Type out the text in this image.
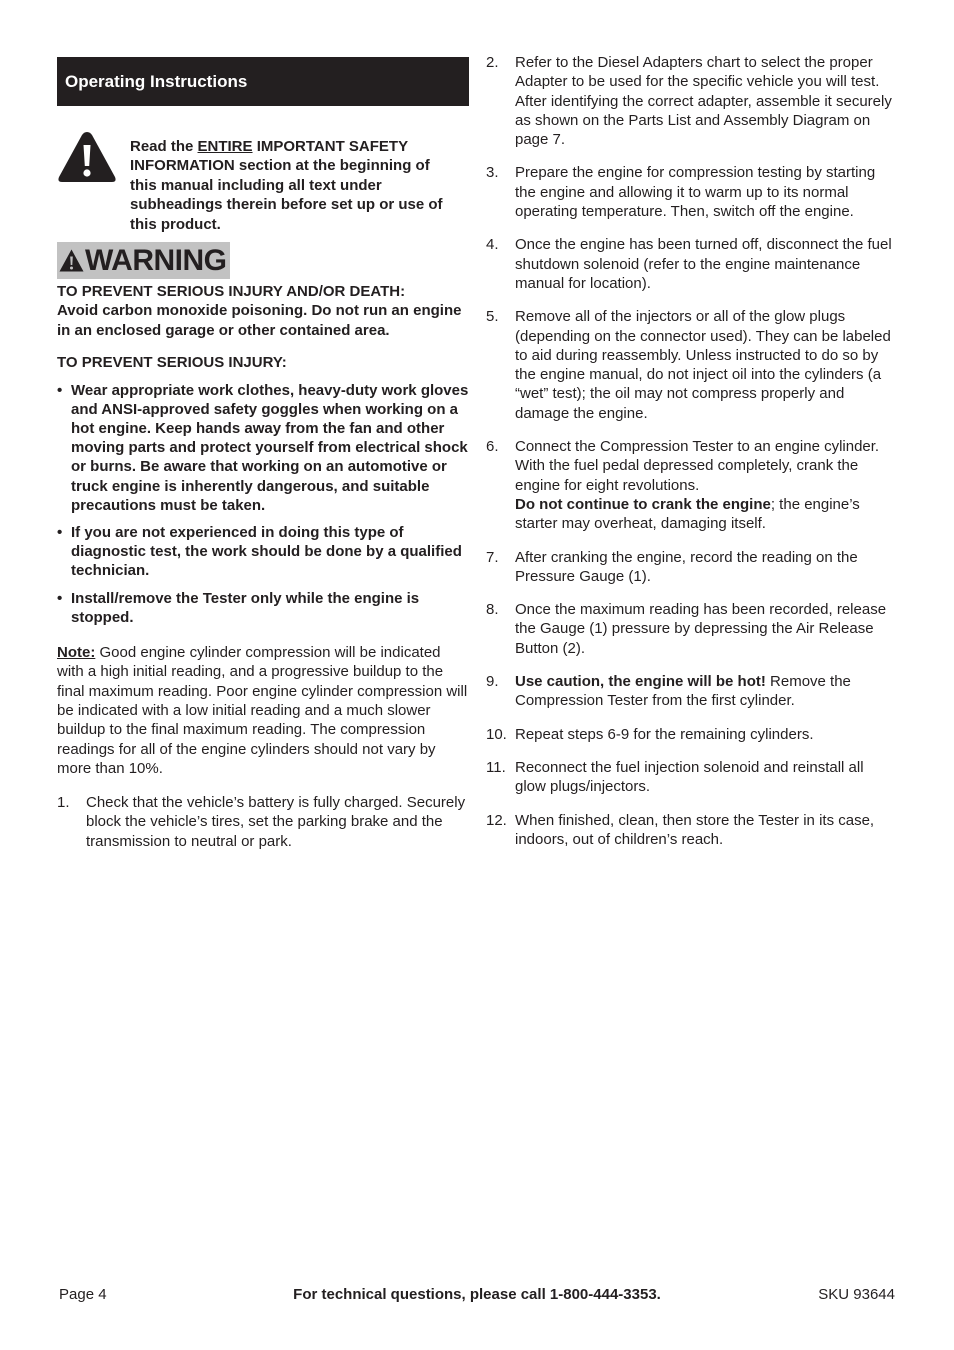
Operating Instructions

Read the ENTIRE IMPORTANT SAFETY INFORMATION section at the beginning of this manual including all text under subheadings therein before set up or use of this product.

WARNING

TO PREVENT SERIOUS INJURY AND/OR DEATH:
Avoid carbon monoxide poisoning. Do not run an engine in an enclosed garage or other contained area.

TO PREVENT SERIOUS INJURY:

• Wear appropriate work clothes, heavy-duty work gloves and ANSI-approved safety goggles when working on a hot engine. Keep hands away from the fan and other moving parts and protect yourself from electrical shock or burns. Be aware that working on an automotive or truck engine is inherently dangerous, and suitable precautions must be taken.
• If you are not experienced in doing this type of diagnostic test, the work should be done by a qualified technician.
• Install/remove the Tester only while the engine is stopped.

Note: Good engine cylinder compression will be indicated with a high initial reading, and a progressive buildup to the final maximum reading. Poor engine cylinder compression will be indicated with a low initial reading and a much slower buildup to the final maximum reading. The compression readings for all of the engine cylinders should not vary by more than 10%.

1. Check that the vehicle’s battery is fully charged. Securely block the vehicle’s tires, set the parking brake and the transmission to neutral or park.
2. Refer to the Diesel Adapters chart to select the proper Adapter to be used for the specific vehicle you will test. After identifying the correct adapter, assemble it securely as shown on the Parts List and Assembly Diagram on page 7.
3. Prepare the engine for compression testing by starting the engine and allowing it to warm up to its normal operating temperature. Then, switch off the engine.
4. Once the engine has been turned off, disconnect the fuel shutdown solenoid (refer to the engine maintenance manual for location).
5. Remove all of the injectors or all of the glow plugs (depending on the connector used). They can be labeled to aid during reassembly. Unless instructed to do so by the engine manual, do not inject oil into the cylinders (a “wet” test); the oil may not compress properly and damage the engine.
6. Connect the Compression Tester to an engine cylinder. With the fuel pedal depressed completely, crank the engine for eight revolutions.
Do not continue to crank the engine; the engine’s starter may overheat, damaging itself.
7. After cranking the engine, record the reading on the Pressure Gauge (1).
8. Once the maximum reading has been recorded, release the Gauge (1) pressure by depressing the Air Release Button (2).
9. Use caution, the engine will be hot! Remove the Compression Tester from the first cylinder.
10. Repeat steps 6-9 for the remaining cylinders.
11. Reconnect the fuel injection solenoid and reinstall all glow plugs/injectors.
12. When finished, clean, then store the Tester in its case, indoors, out of children’s reach.
Page 4	For technical questions, please call 1-800-444-3353.	SKU 93644
